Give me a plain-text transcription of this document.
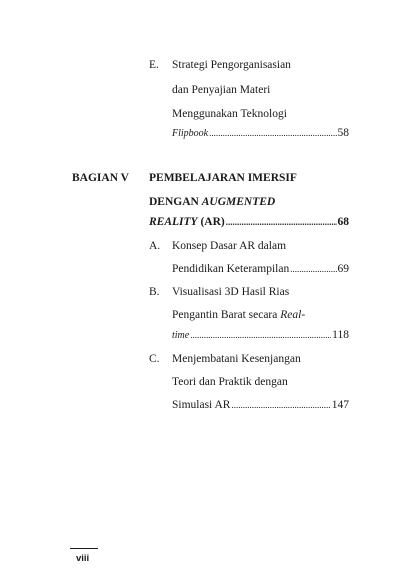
E. Strategi Pengorganisasian
dan Penyajian Materi
Menggunakan Teknologi
Flipbook .....	58
BAGIAN V PEMBELAJARAN IMERSIF
DENGAN AUGMENTED
REALITY (AR) .....	68
A. Konsep Dasar AR dalam
Pendidikan Keterampilan .....	69
B. Visualisasi 3D Hasil Rias
Pengantin Barat secara Real-
time .....	118
C. Menjembatani Kesenjangan
Teori dan Praktik dengan
Simulasi AR .....	147
viii
